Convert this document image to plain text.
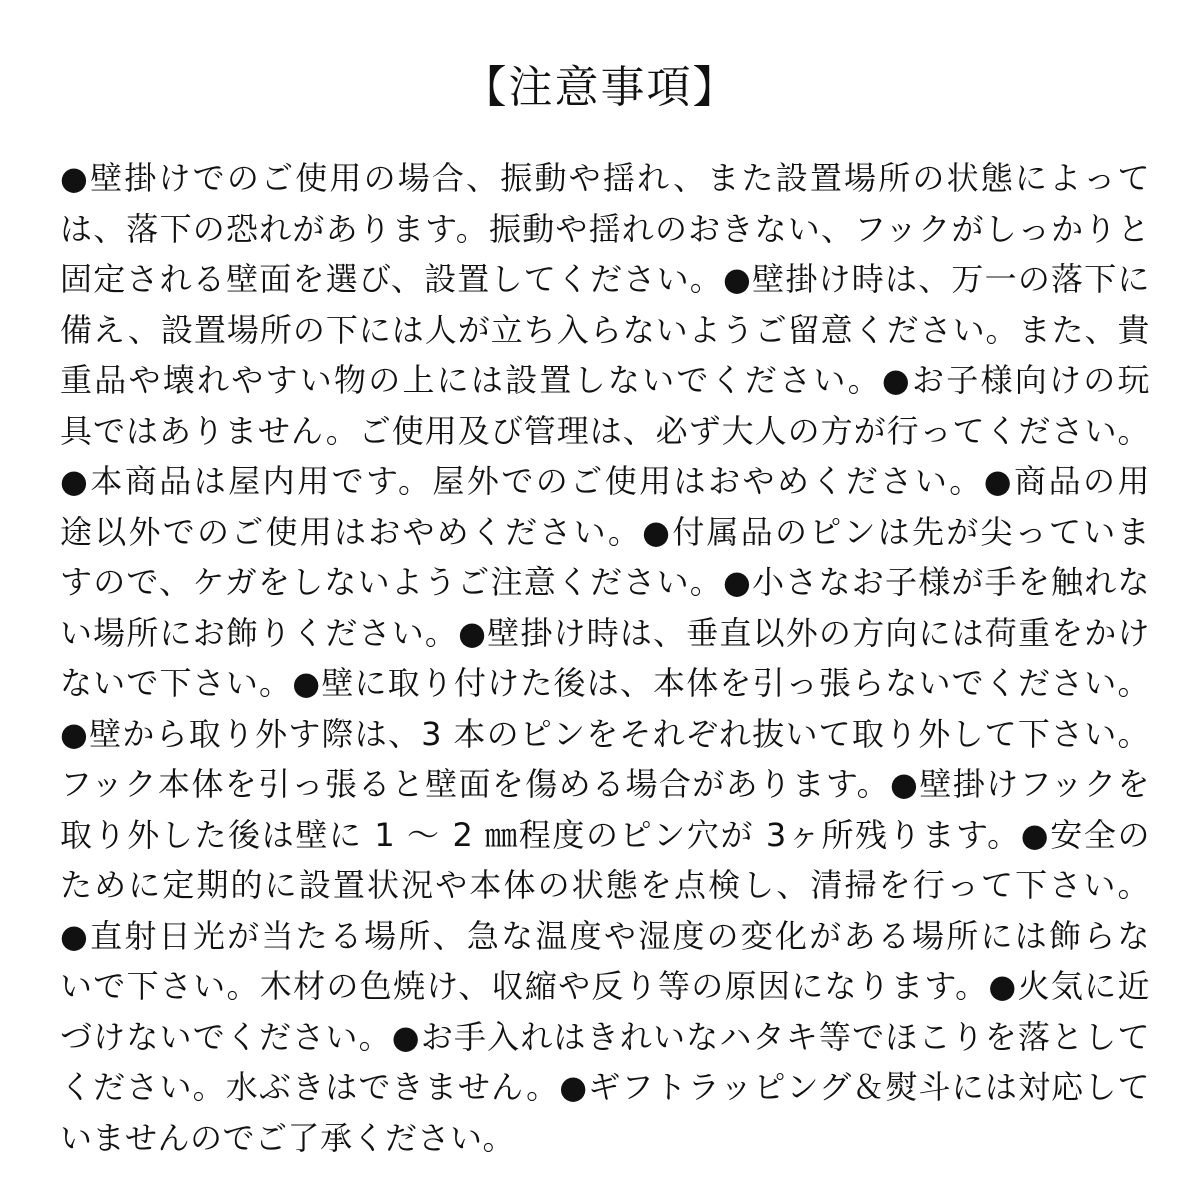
【注意事項】
●壁掛けでのご使用の場合、振動や揺れ、また設置場所の状態によって
は、落下の恐れがあります。振動や揺れのおきない、フックがしっかりと
固定される壁面を選び、設置してください。●壁掛け時は、万一の落下に
備え、設置場所の下には人が立ち入らないようご留意ください。また、貴
重品や壊れやすい物の上には設置しないでください。●お子様向けの玩
具ではありません。ご使用及び管理は、必ず大人の方が行ってください。
●本商品は屋内用です。屋外でのご使用はおやめください。●商品の用
途以外でのご使用はおやめください。●付属品のピンは先が尖っていま
すので、ケガをしないようご注意ください。●小さなお子様が手を触れな
い場所にお飾りください。●壁掛け時は、垂直以外の方向には荷重をかけ
ないで下さい。●壁に取り付けた後は、本体を引っ張らないでください。
●壁から取り外す際は、3 本のピンをそれぞれ抜いて取り外して下さい。
フック本体を引っ張ると壁面を傷める場合があります。●壁掛けフックを
取り外した後は壁に 1 ～ 2 ㎜程度のピン穴が 3ヶ所残ります。●安全の
ために定期的に設置状況や本体の状態を点検し、清掃を行って下さい。
●直射日光が当たる場所、急な温度や湿度の変化がある場所には飾らな
いで下さい。木材の色焼け、収縮や反り等の原因になります。●火気に近
づけないでください。●お手入れはきれいなハタキ等でほこりを落として
ください。水ぶきはできません。●ギフトラッピング＆熨斗には対応して
いませんのでご了承ください。
